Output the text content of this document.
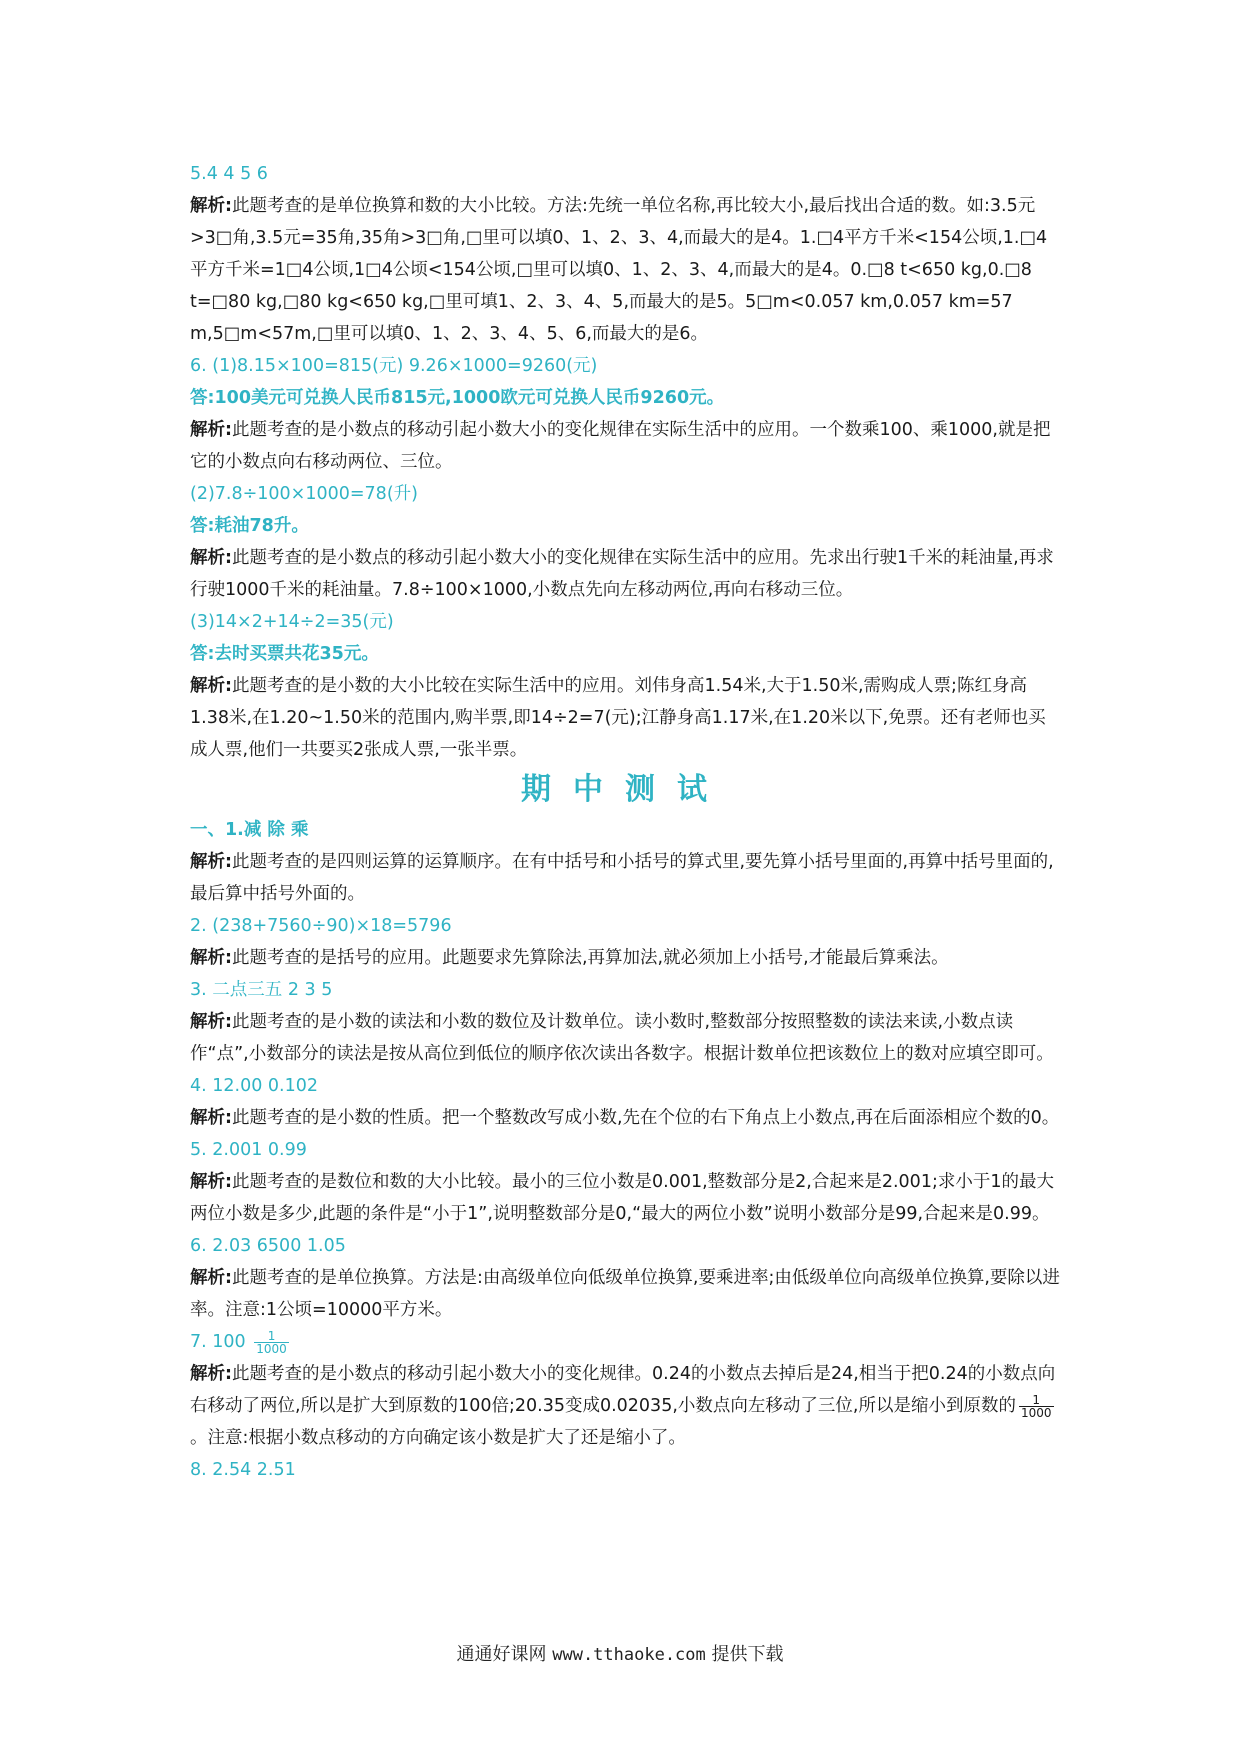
5.4 4 5 6
解析:此题考查的是单位换算和数的大小比较。方法:先统一单位名称,再比较大小,最后找出合适的数。如:3.5元>3□角,3.5元=35角,35角>3□角,□里可以填0、1、2、3、4,而最大的是4。1.□4平方千米<154公顷,1.□4平方千米=1□4公顷,1□4公顷<154公顷,□里可以填0、1、2、3、4,而最大的是4。0.□8 t<650 kg,0.□8 t=□80 kg,□80 kg<650 kg,□里可填1、2、3、4、5,而最大的是5。5□m<0.057 km,0.057 km=57 m,5□m<57m,□里可以填0、1、2、3、4、5、6,而最大的是6。
6. (1)8.15×100=815(元) 9.26×1000=9260(元)
答:100美元可兑换人民币815元,1000欧元可兑换人民币9260元。
解析:此题考查的是小数点的移动引起小数大小的变化规律在实际生活中的应用。一个数乘100、乘1000,就是把它的小数点向右移动两位、三位。
(2)7.8÷100×1000=78(升)
答:耗油78升。
解析:此题考查的是小数点的移动引起小数大小的变化规律在实际生活中的应用。先求出行驶1千米的耗油量,再求行驶1000千米的耗油量。7.8÷100×1000,小数点先向左移动两位,再向右移动三位。
(3)14×2+14÷2=35(元)
答:去时买票共花35元。
解析:此题考查的是小数的大小比较在实际生活中的应用。刘伟身高1.54米,大于1.50米,需购成人票;陈红身高1.38米,在1.20~1.50米的范围内,购半票,即14÷2=7(元);江静身高1.17米,在1.20米以下,免票。还有老师也买成人票,他们一共要买2张成人票,一张半票。
期中测试
一、1.减 除 乘
解析:此题考查的是四则运算的运算顺序。在有中括号和小括号的算式里,要先算小括号里面的,再算中括号里面的,最后算中括号外面的。
2. (238+7560÷90)×18=5796
解析:此题考查的是括号的应用。此题要求先算除法,再算加法,就必须加上小括号,才能最后算乘法。
3. 二点三五 2 3 5
解析:此题考查的是小数的读法和小数的数位及计数单位。读小数时,整数部分按照整数的读法来读,小数点读作“点”,小数部分的读法是按从高位到低位的顺序依次读出各数字。根据计数单位把该数位上的数对应填空即可。
4. 12.00 0.102
解析:此题考查的是小数的性质。把一个整数改写成小数,先在个位的右下角点上小数点,再在后面添相应个数的0。
5. 2.001 0.99
解析:此题考查的是数位和数的大小比较。最小的三位小数是0.001,整数部分是2,合起来是2.001;求小于1的最大两位小数是多少,此题的条件是“小于1”,说明整数部分是0,“最大的两位小数”说明小数部分是99,合起来是0.99。
6. 2.03 6500 1.05
解析:此题考查的是单位换算。方法是:由高级单位向低级单位换算,要乘进率;由低级单位向高级单位换算,要除以进率。注意:1公顷=10000平方米。
7. $100 \frac{1}{1000}$
解析:此题考查的是小数点的移动引起小数大小的变化规律。0.24的小数点去掉后是24,相当于把0.24的小数点向右移动了两位,所以是扩大到原数的100倍;20.35变成0.02035,小数点向左移动了三位,所以是缩小到原数的 $\frac{1}{1000}$
。注意:根据小数点移动的方向确定该小数是扩大了还是缩小了。
8. 2.54 2.51
通通好课网 www.tthaoke.com 提供下载
